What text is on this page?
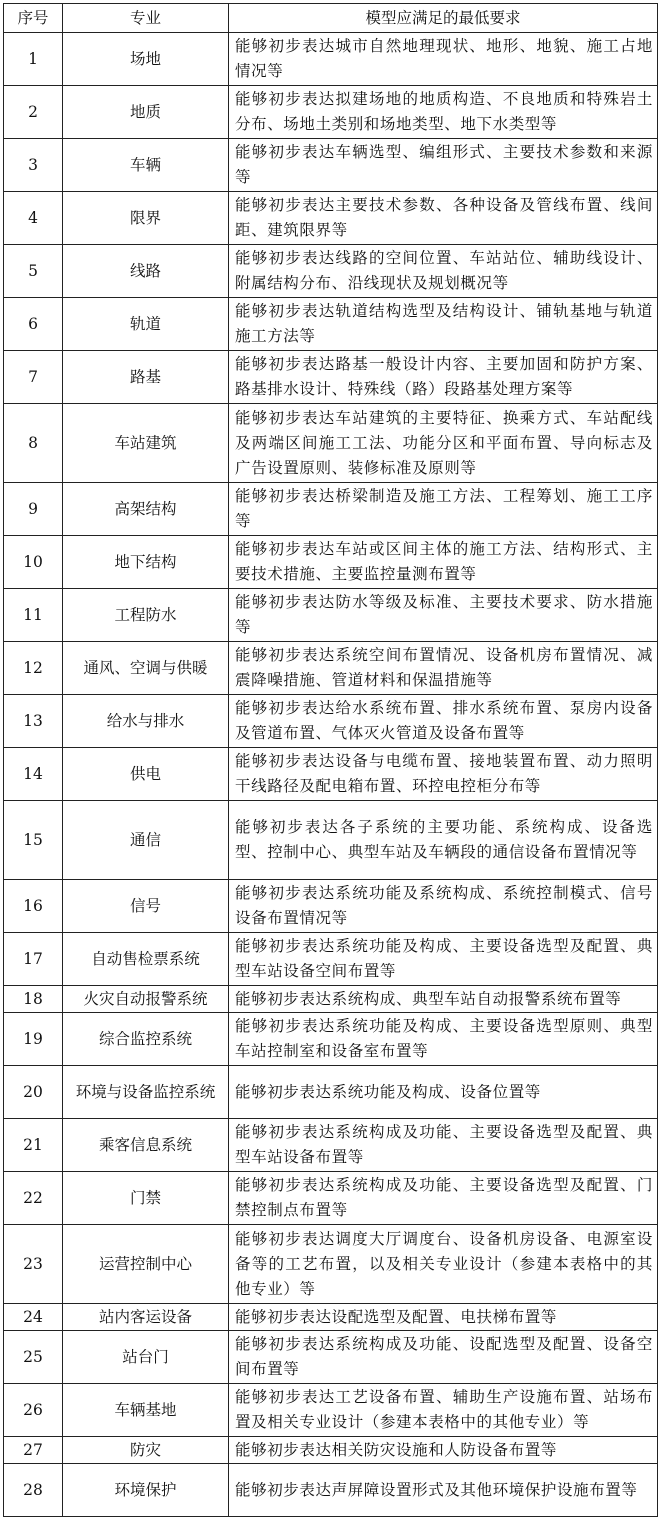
序号	专业	模型应满足的最低要求
1	场地	能够初步表达城市自然地理现状、地形、地貌、施工占地情况等
2	地质	能够初步表达拟建场地的地质构造、不良地质和特殊岩土分布、场地土类别和场地类型、地下水类型等
3	车辆	能够初步表达车辆选型、编组形式、主要技术参数和来源等
4	限界	能够初步表达主要技术参数、各种设备及管线布置、线间距、建筑限界等
5	线路	能够初步表达线路的空间位置、车站站位、辅助线设计、附属结构分布、沿线现状及规划概况等
6	轨道	能够初步表达轨道结构选型及结构设计、铺轨基地与轨道施工方法等
7	路基	能够初步表达路基一般设计内容、主要加固和防护方案、路基排水设计、特殊线（路）段路基处理方案等
8	车站建筑	能够初步表达车站建筑的主要特征、换乘方式、车站配线及两端区间施工工法、功能分区和平面布置、导向标志及广告设置原则、装修标准及原则等
9	高架结构	能够初步表达桥梁制造及施工方法、工程筹划、施工工序等
10	地下结构	能够初步表达车站或区间主体的施工方法、结构形式、主要技术措施、主要监控量测布置等
11	工程防水	能够初步表达防水等级及标准、主要技术要求、防水措施等
12	通风、空调与供暖	能够初步表达系统空间布置情况、设备机房布置情况、减震降噪措施、管道材料和保温措施等
13	给水与排水	能够初步表达给水系统布置、排水系统布置、泵房内设备及管道布置、气体灭火管道及设备布置等
14	供电	能够初步表达设备与电缆布置、接地装置布置、动力照明干线路径及配电箱布置、环控电控柜分布等
15	通信	能够初步表达各子系统的主要功能、系统构成、设备选型、控制中心、典型车站及车辆段的通信设备布置情况等
16	信号	能够初步表达系统功能及系统构成、系统控制模式、信号设备布置情况等
17	自动售检票系统	能够初步表达系统功能及构成、主要设备选型及配置、典型车站设备空间布置等
18	火灾自动报警系统	能够初步表达系统构成、典型车站自动报警系统布置等
19	综合监控系统	能够初步表达系统功能及构成、主要设备选型原则、典型车站控制室和设备室布置等
20	环境与设备监控系统	能够初步表达系统功能及构成、设备位置等
21	乘客信息系统	能够初步表达系统构成及功能、主要设备选型及配置、典型车站设备布置等
22	门禁	能够初步表达系统构成及功能、主要设备选型及配置、门禁控制点布置等
23	运营控制中心	能够初步表达调度大厅调度台、设备机房设备、电源室设备等的工艺布置，以及相关专业设计（参建本表格中的其他专业）等
24	站内客运设备	能够初步表达设配选型及配置、电扶梯布置等
25	站台门	能够初步表达系统构成及功能、设配选型及配置、设备空间布置等
26	车辆基地	能够初步表达工艺设备布置、辅助生产设施布置、站场布置及相关专业设计（参建本表格中的其他专业）等
27	防灾	能够初步表达相关防灾设施和人防设备布置等
28	环境保护	能够初步表达声屏障设置形式及其他环境保护设施布置等
